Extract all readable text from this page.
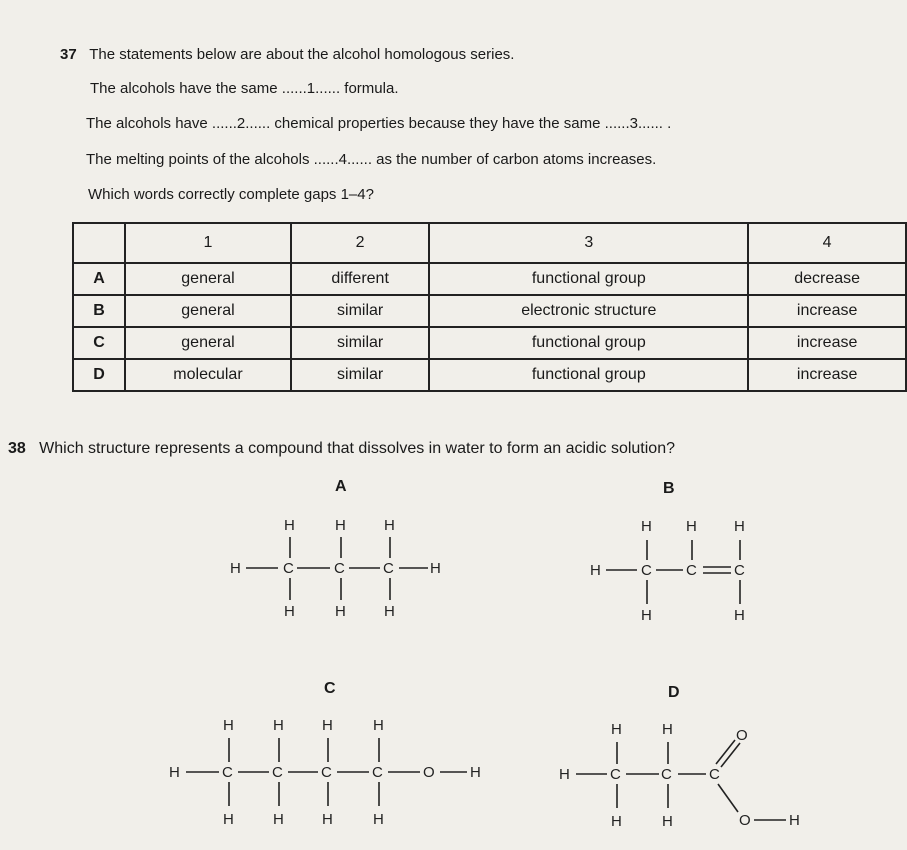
37 The statements below are about the alcohol homologous series.
The alcohols have the same ......1...... formula.
The alcohols have ......2...... chemical properties because they have the same ......3...... .
The melting points of the alcohols ......4...... as the number of carbon atoms increases.
Which words correctly complete gaps 1–4?
	1	2	3	4
A	general	different	functional group	decrease
B	general	similar	electronic structure	increase
C	general	similar	functional group	increase
D	molecular	similar	functional group	increase
38 Which structure represents a compound that dissolves in water to form an acidic solution?
A
H	C	C	C H
H	H	H
H	H	H
B
H	C C C
H H H
H	H
C
H	C	C	C	C	O H
H	H	H	H
H	H	H	H
D
H	C	C C
H	H
H	H
O
O	H
